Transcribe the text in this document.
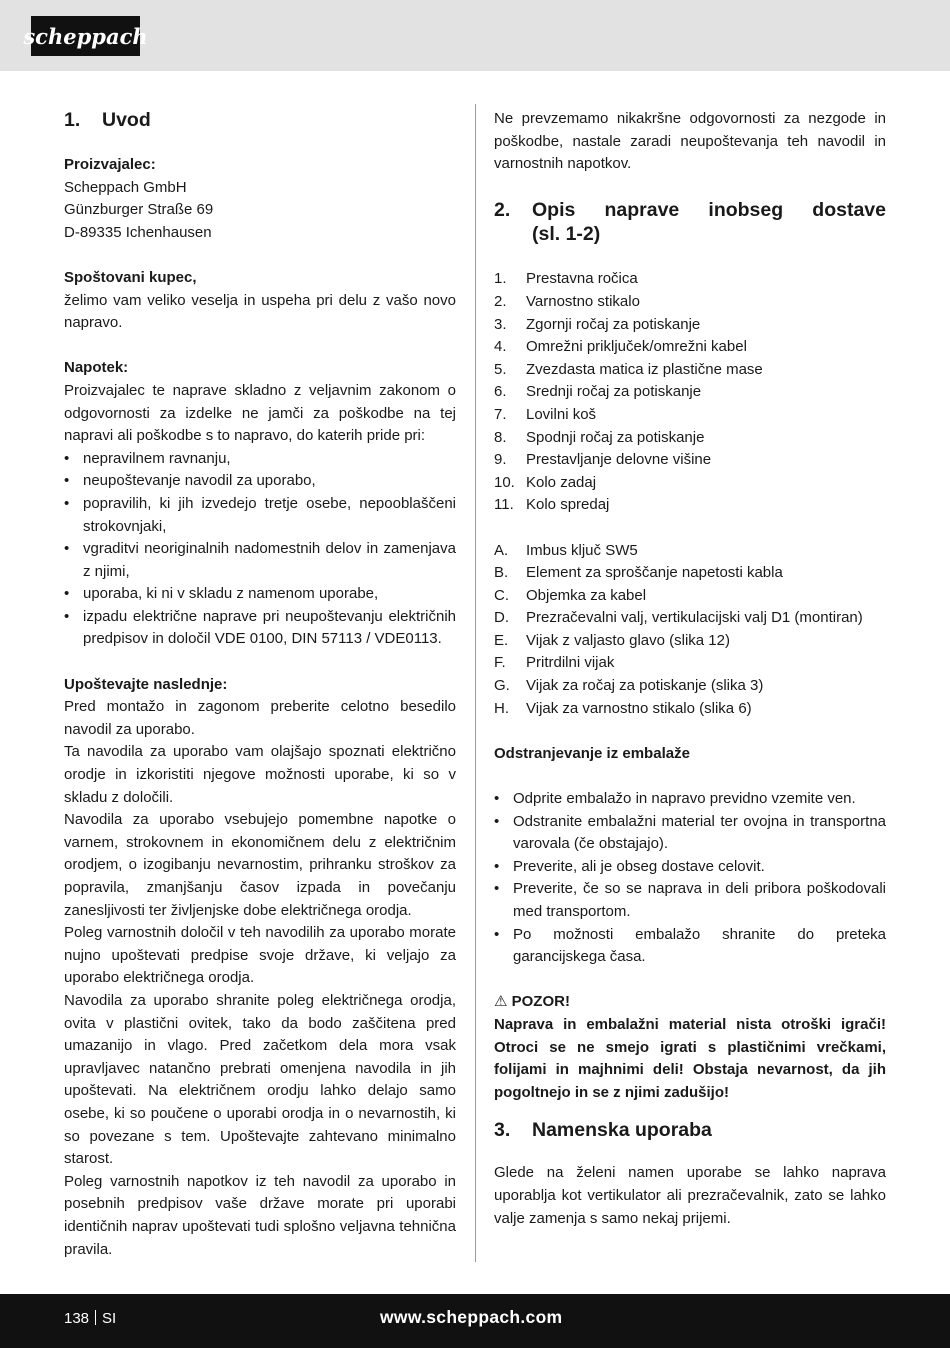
scheppach
1.	Uvod
Proizvajalec:
Scheppach GmbH
Günzburger Straße 69
D-89335 Ichenhausen
Spoštovani kupec,
želimo vam veliko veselja in uspeha pri delu z vašo novo napravo.
Napotek:
Proizvajalec te naprave skladno z veljavnim zakonom o odgovornosti za izdelke ne jamči za poškodbe na tej napravi ali poškodbe s to napravo, do katerih pride pri:
• nepravilnem ravnanju,
• neupoštevanje navodil za uporabo,
• popravilih, ki jih izvedejo tretje osebe, nepooblaščeni strokovnjaki,
• vgraditvi neoriginalnih nadomestnih delov in zamenjava z njimi,
• uporaba, ki ni v skladu z namenom uporabe,
• izpadu električne naprave pri neupoštevanju električnih predpisov in določil VDE 0100, DIN 57113 / VDE0113.
Upoštevajte naslednje:
Pred montažo in zagonom preberite celotno besedilo navodil za uporabo.
Ta navodila za uporabo vam olajšajo spoznati električno orodje in izkoristiti njegove možnosti uporabe, ki so v skladu z določili.
Navodila za uporabo vsebujejo pomembne napotke o varnem, strokovnem in ekonomičnem delu z električnim orodjem, o izogibanju nevarnostim, prihranku stroškov za popravila, zmanjšanju časov izpada in povečanju zanesljivosti ter življenjske dobe električnega orodja.
Poleg varnostnih določil v teh navodilih za uporabo morate nujno upoštevati predpise svoje države, ki veljajo za uporabo električnega orodja.
Navodila za uporabo shranite poleg električnega orodja, ovita v plastični ovitek, tako da bodo zaščitena pred umazanijo in vlago. Pred začetkom dela mora vsak upravljavec natančno prebrati omenjena navodila in jih upoštevati. Na električnem orodju lahko delajo samo osebe, ki so poučene o uporabi orodja in o nevarnostih, ki so povezane s tem. Upoštevajte zahtevano minimalno starost.
Poleg varnostnih napotkov iz teh navodil za uporabo in posebnih predpisov vaše države morate pri uporabi identičnih naprav upoštevati tudi splošno veljavna tehnična pravila.
Ne prevzemamo nikakršne odgovornosti za nezgode in poškodbe, nastale zaradi neupoštevanja teh navodil in varnostnih napotkov.
2.	Opis naprave inobseg dostave
(sl. 1-2)
1.	Prestavna ročica
2.	Varnostno stikalo
3.	Zgornji ročaj za potiskanje
4.	Omrežni priključek/omrežni kabel
5.	Zvezdasta matica iz plastične mase
6.	Srednji ročaj za potiskanje
7.	Lovilni koš
8.	Spodnji ročaj za potiskanje
9.	Prestavljanje delovne višine
10. Kolo zadaj
11. Kolo spredaj
A.	Imbus ključ SW5
B.	Element za sproščanje napetosti kabla
C.	Objemka za kabel
D.	Prezračevalni valj, vertikulacijski valj D1 (montiran)
E.	Vijak z valjasto glavo (slika 12)
F.	Pritrdilni vijak
G.	Vijak za ročaj za potiskanje (slika 3)
H.	Vijak za varnostno stikalo (slika 6)
Odstranjevanje iz embalaže
• Odprite embalažo in napravo previdno vzemite ven.
• Odstranite embalažni material ter ovojna in transportna varovala (če obstajajo).
• Preverite, ali je obseg dostave celovit.
• Preverite, če so se naprava in deli pribora poškodovali med transportom.
• Po možnosti embalažo shranite do preteka garancijskega časa.
⚠ POZOR!
Naprava in embalažni material nista otroški igrači! Otroci se ne smejo igrati s plastičnimi vrečkami, folijami in majhnimi deli! Obstaja nevarnost, da jih pogoltnejo in se z njimi zadušijo!
3.	Namenska uporaba
Glede na želeni namen uporabe se lahko naprava uporablja kot vertikulator ali prezračevalnik, zato se lahko valje zamenja s samo nekaj prijemi.
138 SI	www.scheppach.com
